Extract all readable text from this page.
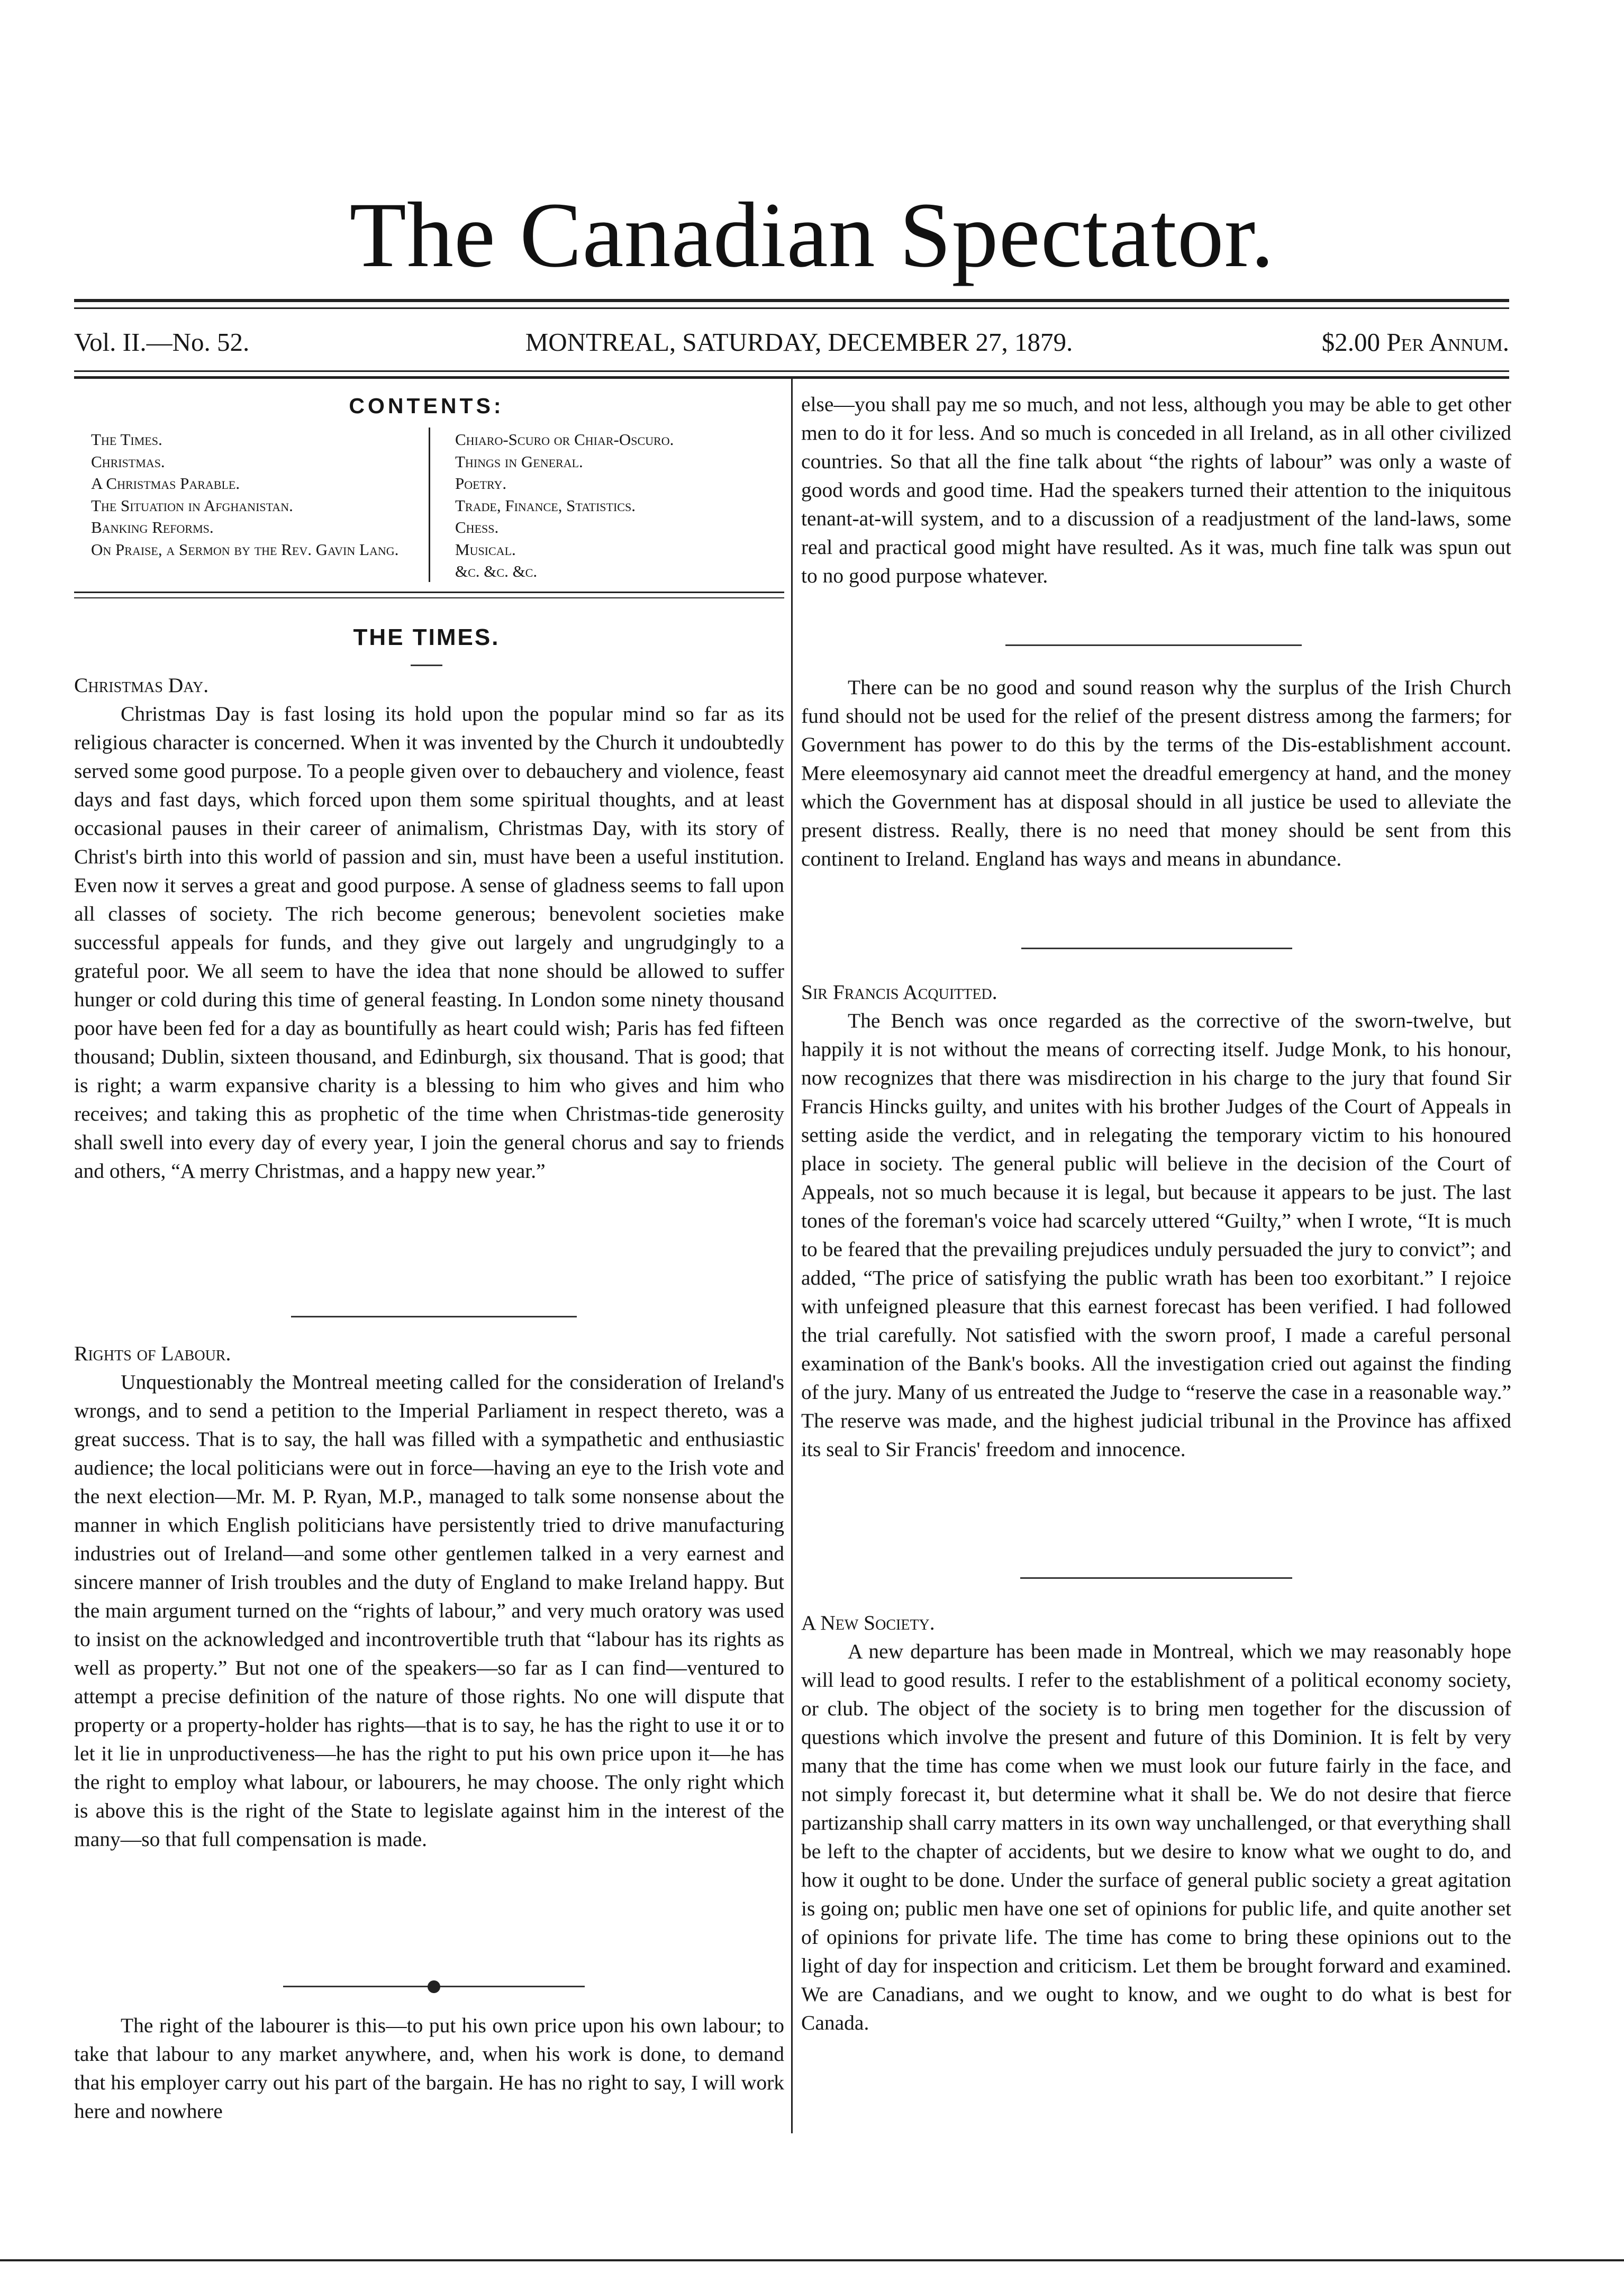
The Canadian Spectator.
Vol. II.—No. 52.	MONTREAL, SATURDAY, DECEMBER 27, 1879.	$2.00 Per Annum.
CONTENTS:
The Times.
Christmas.
A Christmas Parable.
The Situation in Afghanistan.
Banking Reforms.
On Praise, a Sermon by the Rev. Gavin Lang.
Chiaro-Scuro or Chiar-Oscuro.
Things in General.
Poetry.
Trade, Finance, Statistics.
Chess.
Musical.
&c. &c. &c.
THE TIMES.
Christmas Day.

Christmas Day is fast losing its hold upon the popular mind so far as its religious character is concerned. When it was invented by the Church it undoubtedly served some good purpose. To a people given over to debauchery and violence, feast days and fast days, which forced upon them some spiritual thoughts, and at least occasional pauses in their career of animalism, Christmas Day, with its story of Christ's birth into this world of passion and sin, must have been a useful institution. Even now it serves a great and good purpose. A sense of gladness seems to fall upon all classes of society. The rich become generous; benevolent societies make successful appeals for funds, and they give out largely and ungrudgingly to a grateful poor. We all seem to have the idea that none should be allowed to suffer hunger or cold during this time of general feasting. In London some ninety thousand poor have been fed for a day as bountifully as heart could wish; Paris has fed fifteen thousand; Dublin, sixteen thousand, and Edinburgh, six thousand. That is good; that is right; a warm expansive charity is a blessing to him who gives and him who receives; and taking this as prophetic of the time when Christmas-tide generosity shall swell into every day of every year, I join the general chorus and say to friends and others, “A merry Christmas, and a happy new year.”

Rights of Labour.

Unquestionably the Montreal meeting called for the consideration of Ireland's wrongs, and to send a petition to the Imperial Parliament in respect thereto, was a great success. That is to say, the hall was filled with a sympathetic and enthusiastic audience; the local politicians were out in force—having an eye to the Irish vote and the next election—Mr. M. P. Ryan, M.P., managed to talk some nonsense about the manner in which English politicians have persistently tried to drive manufacturing industries out of Ireland—and some other gentlemen talked in a very earnest and sincere manner of Irish troubles and the duty of England to make Ireland happy. But the main argument turned on the “rights of labour,” and very much oratory was used to insist on the acknowledged and incontrovertible truth that “labour has its rights as well as property.” But not one of the speakers—so far as I can find—ventured to attempt a precise definition of the nature of those rights. No one will dispute that property or a property-holder has rights—that is to say, he has the right to use it or to let it lie in unproductiveness—he has the right to put his own price upon it—he has the right to employ what labour, or labourers, he may choose. The only right which is above this is the right of the State to legislate against him in the interest of the many—so that full compensation is made.

The right of the labourer is this—to put his own price upon his own labour; to take that labour to any market anywhere, and, when his work is done, to demand that his employer carry out his part of the bargain. He has no right to say, I will work here and nowhere

else—you shall pay me so much, and not less, although you may be able to get other men to do it for less. And so much is conceded in all Ireland, as in all other civilized countries. So that all the fine talk about “the rights of labour” was only a waste of good words and good time. Had the speakers turned their attention to the iniquitous tenant-at-will system, and to a discussion of a readjustment of the land-laws, some real and practical good might have resulted. As it was, much fine talk was spun out to no good purpose whatever.

There can be no good and sound reason why the surplus of the Irish Church fund should not be used for the relief of the present distress among the farmers; for Government has power to do this by the terms of the Dis-establishment account. Mere eleemosynary aid cannot meet the dreadful emergency at hand, and the money which the Government has at disposal should in all justice be used to alleviate the present distress. Really, there is no need that money should be sent from this continent to Ireland. England has ways and means in abundance.

Sir Francis Acquitted.

The Bench was once regarded as the corrective of the sworn-twelve, but happily it is not without the means of correcting itself. Judge Monk, to his honour, now recognizes that there was misdirection in his charge to the jury that found Sir Francis Hincks guilty, and unites with his brother Judges of the Court of Appeals in setting aside the verdict, and in relegating the temporary victim to his honoured place in society. The general public will believe in the decision of the Court of Appeals, not so much because it is legal, but because it appears to be just. The last tones of the foreman's voice had scarcely uttered “Guilty,” when I wrote, “It is much to be feared that the prevailing prejudices unduly persuaded the jury to convict”; and added, “The price of satisfying the public wrath has been too exorbitant.” I rejoice with unfeigned pleasure that this earnest forecast has been verified. I had followed the trial carefully. Not satisfied with the sworn proof, I made a careful personal examination of the Bank's books. All the investigation cried out against the finding of the jury. Many of us entreated the Judge to “reserve the case in a reasonable way.” The reserve was made, and the highest judicial tribunal in the Province has affixed its seal to Sir Francis' freedom and innocence.

A New Society.

A new departure has been made in Montreal, which we may reasonably hope will lead to good results. I refer to the establishment of a political economy society, or club. The object of the society is to bring men together for the discussion of questions which involve the present and future of this Dominion. It is felt by very many that the time has come when we must look our future fairly in the face, and not simply forecast it, but determine what it shall be. We do not desire that fierce partizanship shall carry matters in its own way unchallenged, or that everything shall be left to the chapter of accidents, but we desire to know what we ought to do, and how it ought to be done. Under the surface of general public society a great agitation is going on; public men have one set of opinions for public life, and quite another set of opinions for private life. The time has come to bring these opinions out to the light of day for inspection and criticism. Let them be brought forward and examined. We are Canadians, and we ought to know, and we ought to do what is best for Canada.
